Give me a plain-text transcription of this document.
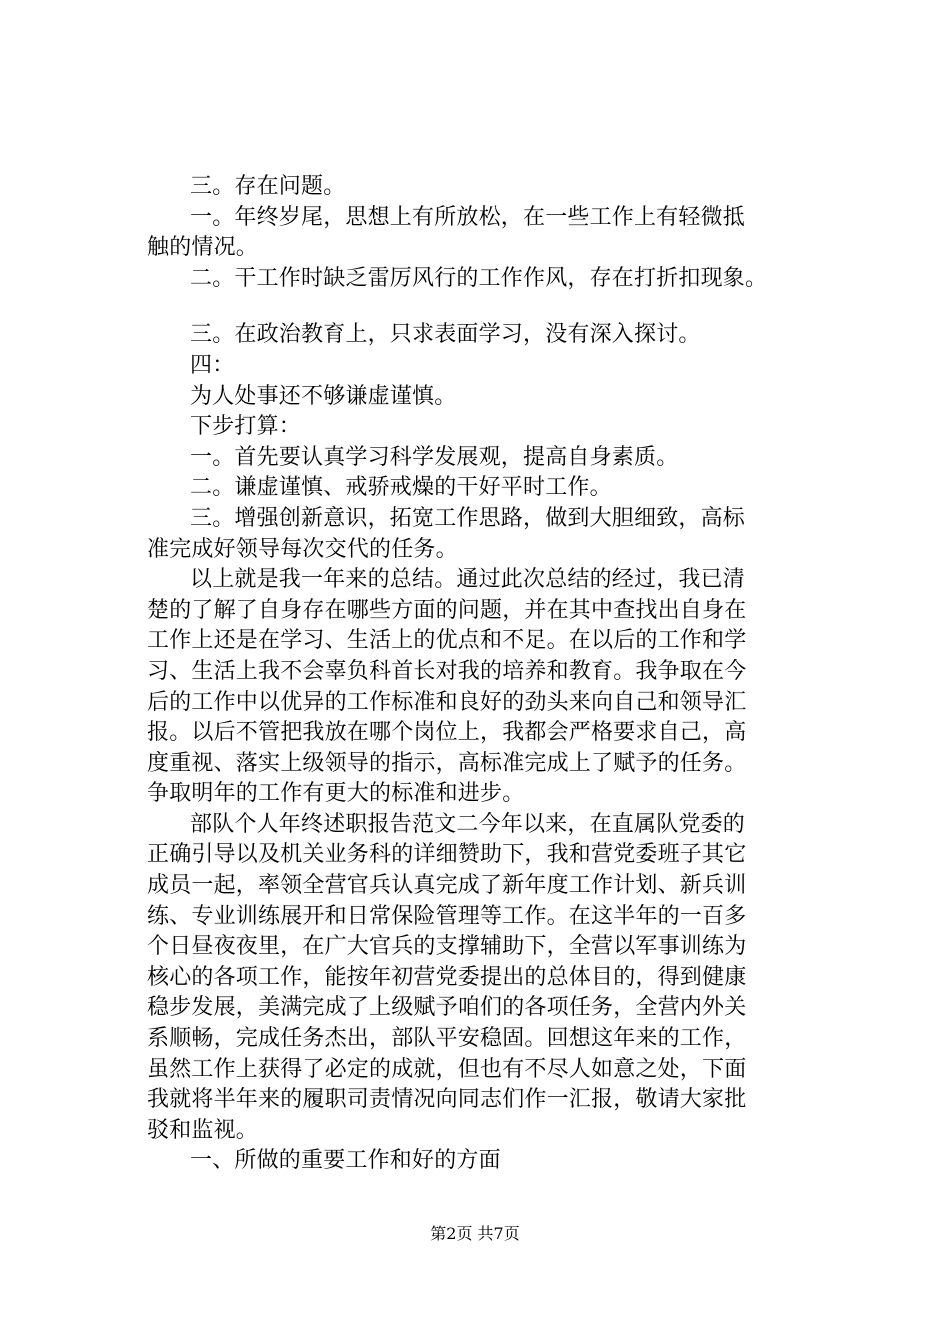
三。存在问题。
一。年终岁尾，思想上有所放松，在一些工作上有轻微抵
触的情况。
二。干工作时缺乏雷厉风行的工作作风，存在打折扣现象。
三。在政治教育上，只求表面学习，没有深入探讨。
四：
为人处事还不够谦虚谨慎。
下步打算：
一。首先要认真学习科学发展观，提高自身素质。
二。谦虚谨慎、戒骄戒燥的干好平时工作。
三。增强创新意识，拓宽工作思路，做到大胆细致，高标
准完成好领导每次交代的任务。
以上就是我一年来的总结。通过此次总结的经过，我已清
楚的了解了自身存在哪些方面的问题，并在其中查找出自身在
工作上还是在学习、生活上的优点和不足。在以后的工作和学
习、生活上我不会辜负科首长对我的培养和教育。我争取在今
后的工作中以优异的工作标准和良好的劲头来向自己和领导汇
报。以后不管把我放在哪个岗位上，我都会严格要求自己，高
度重视、落实上级领导的指示，高标准完成上了赋予的任务。
争取明年的工作有更大的标准和进步。
部队个人年终述职报告范文二今年以来，在直属队党委的
正确引导以及机关业务科的详细赞助下，我和营党委班子其它
成员一起，率领全营官兵认真完成了新年度工作计划、新兵训
练、专业训练展开和日常保险管理等工作。在这半年的一百多
个日昼夜夜里，在广大官兵的支撑辅助下，全营以军事训练为
核心的各项工作，能按年初营党委提出的总体目的，得到健康
稳步发展，美满完成了上级赋予咱们的各项任务，全营内外关
系顺畅，完成任务杰出，部队平安稳固。回想这年来的工作，
虽然工作上获得了必定的成就，但也有不尽人如意之处，下面
我就将半年来的履职司责情况向同志们作一汇报，敬请大家批
驳和监视。
一、所做的重要工作和好的方面
第2页 共7页
